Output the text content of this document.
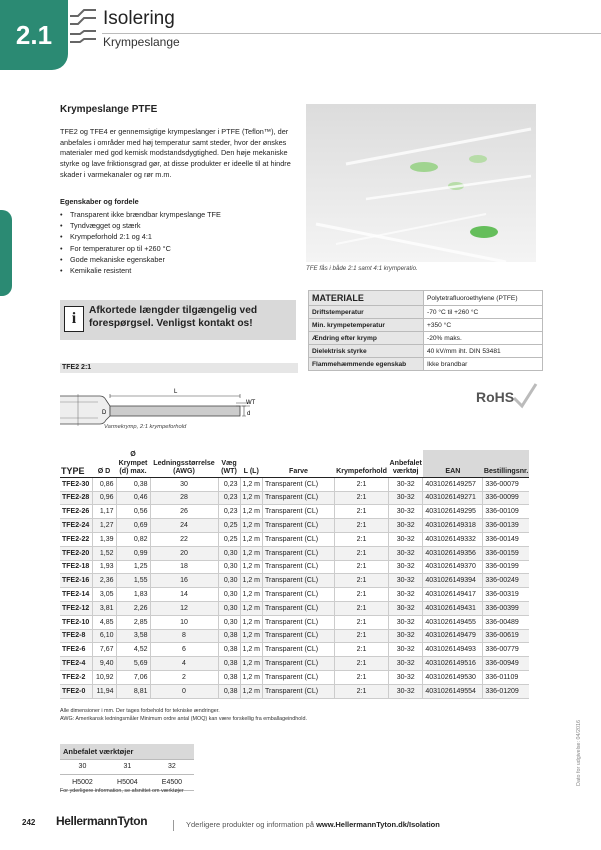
2.1
Isolering
Krympeslange
Krympeslange PTFE
TFE2 og TFE4 er gennemsigtige krympeslanger i PTFE (Teflon™), der anbefales i områder med høj temperatur samt steder, hvor der ønskes materialer med god kemisk modstandsdygtighed. Den høje mekaniske styrke og lave friktionsgrad gør, at disse produkter er ideelle til at hindre skader i varmekanaler og rør m.m.
Egenskaber og fordele
• Transparent ikke brændbar krympeslange TFE
• Tyndvægget og stærk
• Krympeforhold 2:1 og 4:1
• For temperaturer op til +260 °C
• Gode mekaniske egenskaber
• Kemikalie resistent	TFE fås i både 2:1 samt 4:1 krymperatio.
i	Afkortede længder tilgængelig ved forespørgsel. Venligst kontakt os!
MATERIALE	Polytetrafluoroethylene (PTFE)
Driftstemperatur	-70 °C til +260 °C
Min. krympetemperatur	+350 °C
Ændring efter krymp	-20% maks.
Dielektrisk styrke	40 kV/mm iht. DIN 53481
Flammehæmmende egenskab	Ikke brandbar
TFE2 2:1
RoHS
L
WT
d
D
Varmekrymp, 2:1 krympeforhold
TYPE	Ø D	Ø Krympet (d) max.	Ledningsstørrelse (AWG)	Væg (WT)	L (L)	Farve	Krympeforhold	Anbefalet værktøj	EAN	Bestillingsnr.
TFE2-30	0,86	0,38	30	0,23	1,2 m	Transparent (CL)	2:1	30-32	4031026149257	336-00079
TFE2-28	0,96	0,46	28	0,23	1,2 m	Transparent (CL)	2:1	30-32	4031026149271	336-00099
TFE2-26	1,17	0,56	26	0,23	1,2 m	Transparent (CL)	2:1	30-32	4031026149295	336-00109
TFE2-24	1,27	0,69	24	0,25	1,2 m	Transparent (CL)	2:1	30-32	4031026149318	336-00139
TFE2-22	1,39	0,82	22	0,25	1,2 m	Transparent (CL)	2:1	30-32	4031026149332	336-00149
TFE2-20	1,52	0,99	20	0,30	1,2 m	Transparent (CL)	2:1	30-32	4031026149356	336-00159
TFE2-18	1,93	1,25	18	0,30	1,2 m	Transparent (CL)	2:1	30-32	4031026149370	336-00199
TFE2-16	2,36	1,55	16	0,30	1,2 m	Transparent (CL)	2:1	30-32	4031026149394	336-00249
TFE2-14	3,05	1,83	14	0,30	1,2 m	Transparent (CL)	2:1	30-32	4031026149417	336-00319
TFE2-12	3,81	2,26	12	0,30	1,2 m	Transparent (CL)	2:1	30-32	4031026149431	336-00399
TFE2-10	4,85	2,85	10	0,30	1,2 m	Transparent (CL)	2:1	30-32	4031026149455	336-00489
TFE2-8	6,10	3,58	8	0,38	1,2 m	Transparent (CL)	2:1	30-32	4031026149479	336-00619
TFE2-6	7,67	4,52	6	0,38	1,2 m	Transparent (CL)	2:1	30-32	4031026149493	336-00779
TFE2-4	9,40	5,69	4	0,38	1,2 m	Transparent (CL)	2:1	30-32	4031026149516	336-00949
TFE2-2	10,92	7,06	2	0,38	1,2 m	Transparent (CL)	2:1	30-32	4031026149530	336-01109
TFE2-0	11,94	8,81	0	0,38	1,2 m	Transparent (CL)	2:1	30-32	4031026149554	336-01209
Alle dimensioner i mm. Der tages forbehold for tekniske ændringer.
AWG: Amerikansk ledningsmåler Minimum ordre antal (MOQ) kan være forskellig fra emballageindhold.
Anbefalet værktøjer		
30	31	32
H5002	H5004	E4500
For yderligere information, se afsnittet om værktøjer
Dato for udgivelse: 04/2016
242 HellermannTyton	Yderligere produkter og information på www.HellermannTyton.dk/Isolation
